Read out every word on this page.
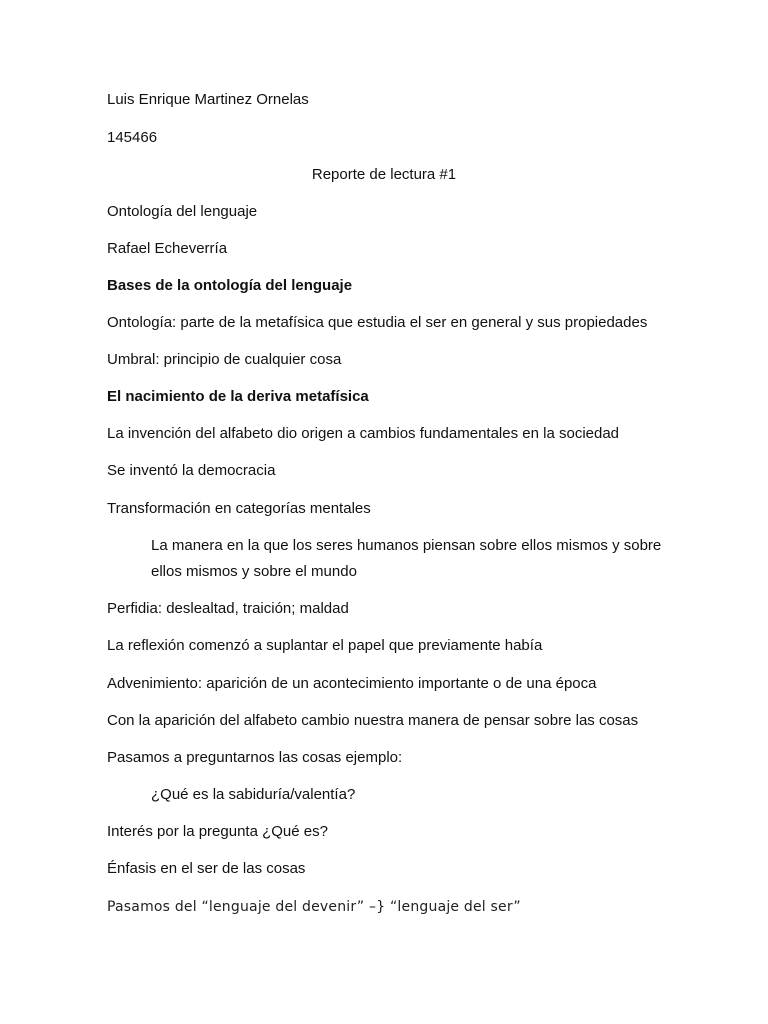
Luis Enrique Martinez Ornelas
145466
Reporte de lectura #1
Ontología del lenguaje
Rafael Echeverría
Bases de la ontología del lenguaje
Ontología: parte de la metafísica que estudia el ser en general y sus propiedades
Umbral: principio de cualquier cosa
El nacimiento de la deriva metafísica
La invención del alfabeto dio origen a cambios fundamentales en la sociedad
Se inventó la democracia
Transformación en categorías mentales
La manera en la que los seres humanos piensan sobre ellos mismos y sobre
ellos mismos y sobre el mundo
Perfidia: deslealtad, traición; maldad
La reflexión comenzó a suplantar el papel que previamente había
Advenimiento: aparición de un acontecimiento importante o de una época
Con la aparición del alfabeto cambio nuestra manera de pensar sobre las cosas
Pasamos a preguntarnos las cosas ejemplo:
¿Qué es la sabiduría/valentía?
Interés por la pregunta ¿Qué es?
Énfasis en el ser de las cosas
Pasamos del “lenguaje del devenir” –} “lenguaje del ser”
